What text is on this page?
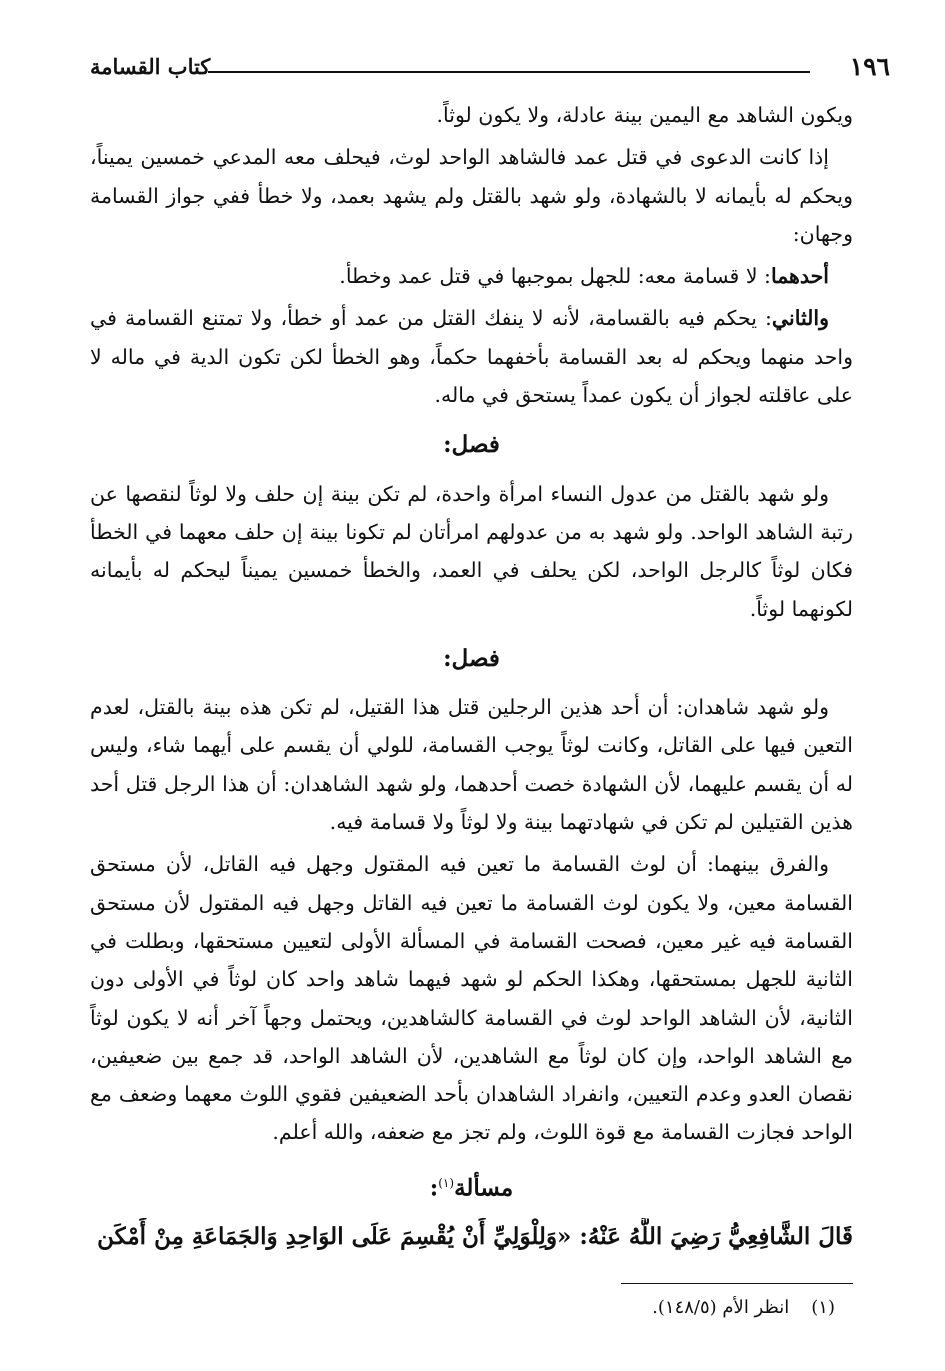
١٩٦
كتاب القسامة

ويكون الشاهد مع اليمين بينة عادلة، ولا يكون لوثاً.

إذا كانت الدعوى في قتل عمد فالشاهد الواحد لوث، فيحلف معه المدعي خمسين يميناً، ويحكم له بأيمانه لا بالشهادة، ولو شهد بالقتل ولم يشهد بعمد، ولا خطأ ففي جواز القسامة وجهان:

أحدهما: لا قسامة معه: للجهل بموجبها في قتل عمد وخطأ.

والثاني: يحكم فيه بالقسامة، لأنه لا ينفك القتل من عمد أو خطأ، ولا تمتنع القسامة في واحد منهما ويحكم له بعد القسامة بأخفهما حكماً، وهو الخطأ لكن تكون الدية في ماله لا على عاقلته لجواز أن يكون عمداً يستحق في ماله.

فصل:

ولو شهد بالقتل من عدول النساء امرأة واحدة، لم تكن بينة إن حلف ولا لوثاً لنقصها عن رتبة الشاهد الواحد. ولو شهد به من عدولهم امرأتان لم تكونا بينة إن حلف معهما في الخطأ فكان لوثاً كالرجل الواحد، لكن يحلف في العمد، والخطأ خمسين يميناً ليحكم له بأيمانه لكونهما لوثاً.

فصل:

ولو شهد شاهدان: أن أحد هذين الرجلين قتل هذا القتيل، لم تكن هذه بينة بالقتل، لعدم التعين فيها على القاتل، وكانت لوثاً يوجب القسامة، للولي أن يقسم على أيهما شاء، وليس له أن يقسم عليهما، لأن الشهادة خصت أحدهما، ولو شهد الشاهدان: أن هذا الرجل قتل أحد هذين القتيلين لم تكن في شهادتهما بينة ولا لوثاً ولا قسامة فيه.

والفرق بينهما: أن لوث القسامة ما تعين فيه المقتول وجهل فيه القاتل، لأن مستحق القسامة معين، ولا يكون لوث القسامة ما تعين فيه القاتل وجهل فيه المقتول لأن مستحق القسامة فيه غير معين، فصحت القسامة في المسألة الأولى لتعيين مستحقها، وبطلت في الثانية للجهل بمستحقها، وهكذا الحكم لو شهد فيهما شاهد واحد كان لوثاً في الأولى دون الثانية، لأن الشاهد الواحد لوث في القسامة كالشاهدين، ويحتمل وجهاً آخر أنه لا يكون لوثاً مع الشاهد الواحد، وإن كان لوثاً مع الشاهدين، لأن الشاهد الواحد، قد جمع بين ضعيفين، نقصان العدو وعدم التعيين، وانفراد الشاهدان بأحد الضعيفين فقوي اللوث معهما وضعف مع الواحد فجازت القسامة مع قوة اللوث، ولم تجز مع ضعفه، والله أعلم.

مسألة$^{(١)}$:
قَالَ الشَّافِعِيُّ رَضِيَ اللَّهُ عَنْهُ: «وَلِلْوَلِيِّ أَنْ يُقْسِمَ عَلَى الوَاحِدِ وَالجَمَاعَةِ مِنْ أَمْكَن
(١)انظر الأم (١٤٨/٥).
